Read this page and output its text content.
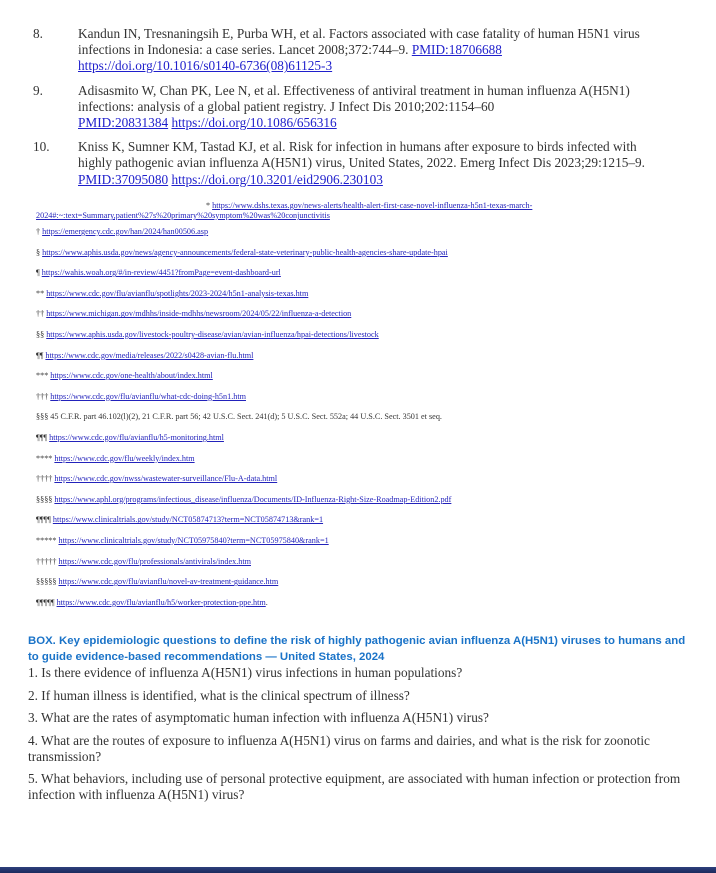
8.	Kandun IN, Tresnaningsih E, Purba WH, et al. Factors associated with case fatality of human H5N1 virus infections in Indonesia: a case series. Lancet 2008;372:744–9. PMID:18706688
https://doi.org/10.1016/s0140-6736(08)61125-3
9.	Adisasmito W, Chan PK, Lee N, et al. Effectiveness of antiviral treatment in human influenza A(H5N1) infections: analysis of a global patient registry. J Infect Dis 2010;202:1154–60
PMID:20831384 https://doi.org/10.1086/656316
10. Kniss K, Sumner KM, Tastad KJ, et al. Risk for infection in humans after exposure to birds infected with highly pathogenic avian influenza A(H5N1) virus, United States, 2022. Emerg Infect Dis 2023;29:1215–9. PMID:37095080 https://doi.org/10.3201/eid2906.230103
* https://www.dshs.texas.gov/news-alerts/health-alert-first-case-novel-influenza-h5n1-texas-march-
2024#:~:text=Summary,patient%27s%20primary%20symptom%20was%20conjunctivitis
† https://emergency.cdc.gov/han/2024/han00506.asp
§ https://www.aphis.usda.gov/news/agency-announcements/federal-state-veterinary-public-health-agencies-share-update-hpai
¶ https://wahis.woah.org/#/in-review/4451?fromPage=event-dashboard-url
** https://www.cdc.gov/flu/avianflu/spotlights/2023-2024/h5n1-analysis-texas.htm
†† https://www.michigan.gov/mdhhs/inside-mdhhs/newsroom/2024/05/22/influenza-a-detection
§§ https://www.aphis.usda.gov/livestock-poultry-disease/avian/avian-influenza/hpai-detections/livestock
¶¶ https://www.cdc.gov/media/releases/2022/s0428-avian-flu.html
*** https://www.cdc.gov/one-health/about/index.html
††† https://www.cdc.gov/flu/avianflu/what-cdc-doing-h5n1.htm
§§§ 45 C.F.R. part 46.102(l)(2), 21 C.F.R. part 56; 42 U.S.C. Sect. 241(d); 5 U.S.C. Sect. 552a; 44 U.S.C. Sect. 3501 et seq.
¶¶¶ https://www.cdc.gov/flu/avianflu/h5-monitoring.html
**** https://www.cdc.gov/flu/weekly/index.htm
†††† https://www.cdc.gov/nwss/wastewater-surveillance/Flu-A-data.html
§§§§ https://www.aphl.org/programs/infectious_disease/influenza/Documents/ID-Influenza-Right-Size-Roadmap-Edition2.pdf
¶¶¶¶ https://www.clinicaltrials.gov/study/NCT05874713?term=NCT05874713&rank=1
***** https://www.clinicaltrials.gov/study/NCT05975840?term=NCT05975840&rank=1
††††† https://www.cdc.gov/flu/professionals/antivirals/index.htm
§§§§§ https://www.cdc.gov/flu/avianflu/novel-av-treatment-guidance.htm
¶¶¶¶¶ https://www.cdc.gov/flu/avianflu/h5/worker-protection-ppe.htm.
BOX. Key epidemiologic questions to define the risk of highly pathogenic avian influenza A(H5N1) viruses to humans and to guide evidence-based recommendations — United States, 2024
1. Is there evidence of influenza A(H5N1) virus infections in human populations?
2. If human illness is identified, what is the clinical spectrum of illness?
3. What are the rates of asymptomatic human infection with influenza A(H5N1) virus?
4. What are the routes of exposure to influenza A(H5N1) virus on farms and dairies, and what is the risk for zoonotic transmission?
5. What behaviors, including use of personal protective equipment, are associated with human infection or protection from infection with influenza A(H5N1) virus?
